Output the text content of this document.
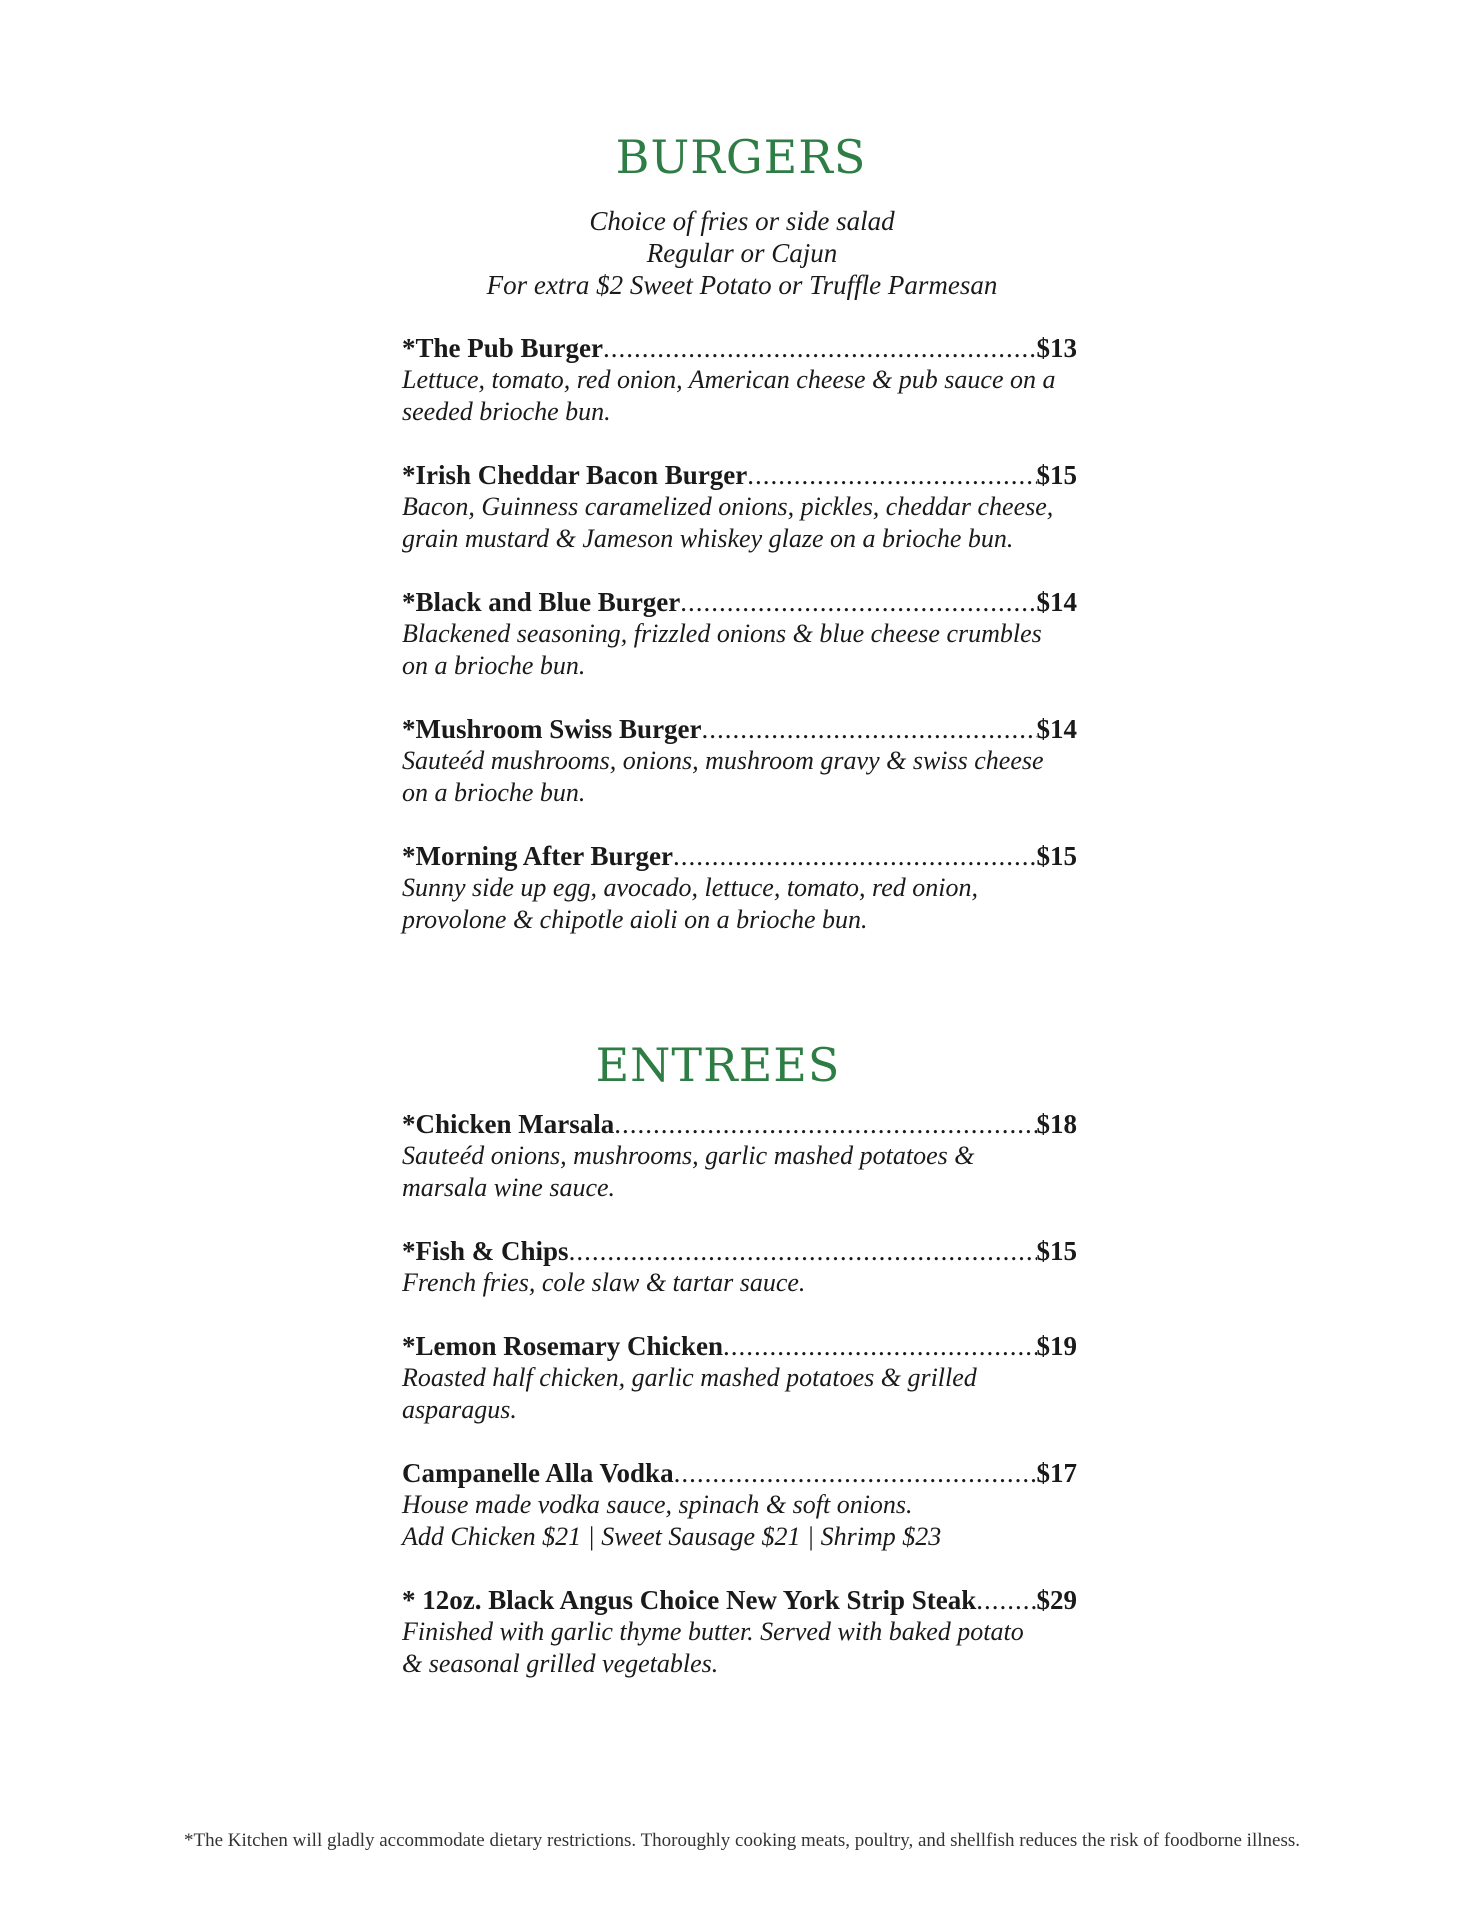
BURGERS
Choice of fries or side salad
Regular or Cajun
For extra $2 Sweet Potato or Truffle Parmesan
*The Pub Burger .....	$13
Lettuce, tomato, red onion, American cheese & pub sauce on a
seeded brioche bun.
*Irish Cheddar Bacon Burger .....	$15
Bacon, Guinness caramelized onions, pickles, cheddar cheese,
grain mustard & Jameson whiskey glaze on a brioche bun.
*Black and Blue Burger .....	$14
Blackened seasoning, frizzled onions & blue cheese crumbles
on a brioche bun.
*Mushroom Swiss Burger .....	$14
Sauteéd mushrooms, onions, mushroom gravy & swiss cheese
on a brioche bun.
*Morning After Burger .....	$15
Sunny side up egg, avocado, lettuce, tomato, red onion,
provolone & chipotle aioli on a brioche bun.
ENTREES
*Chicken Marsala .....	$18
Sauteéd onions, mushrooms, garlic mashed potatoes &
marsala wine sauce.
*Fish & Chips .....	$15
French fries, cole slaw & tartar sauce.
*Lemon Rosemary Chicken .....	$19
Roasted half chicken, garlic mashed potatoes & grilled
asparagus.
Campanelle Alla Vodka .....	$17
House made vodka sauce, spinach & soft onions.
Add Chicken $21 | Sweet Sausage $21 | Shrimp $23
* 12oz. Black Angus Choice New York Strip Steak ..... $29
Finished with garlic thyme butter. Served with baked potato
& seasonal grilled vegetables.
*The Kitchen will gladly accommodate dietary restrictions. Thoroughly cooking meats, poultry, and shellfish reduces the risk of foodborne illness.
